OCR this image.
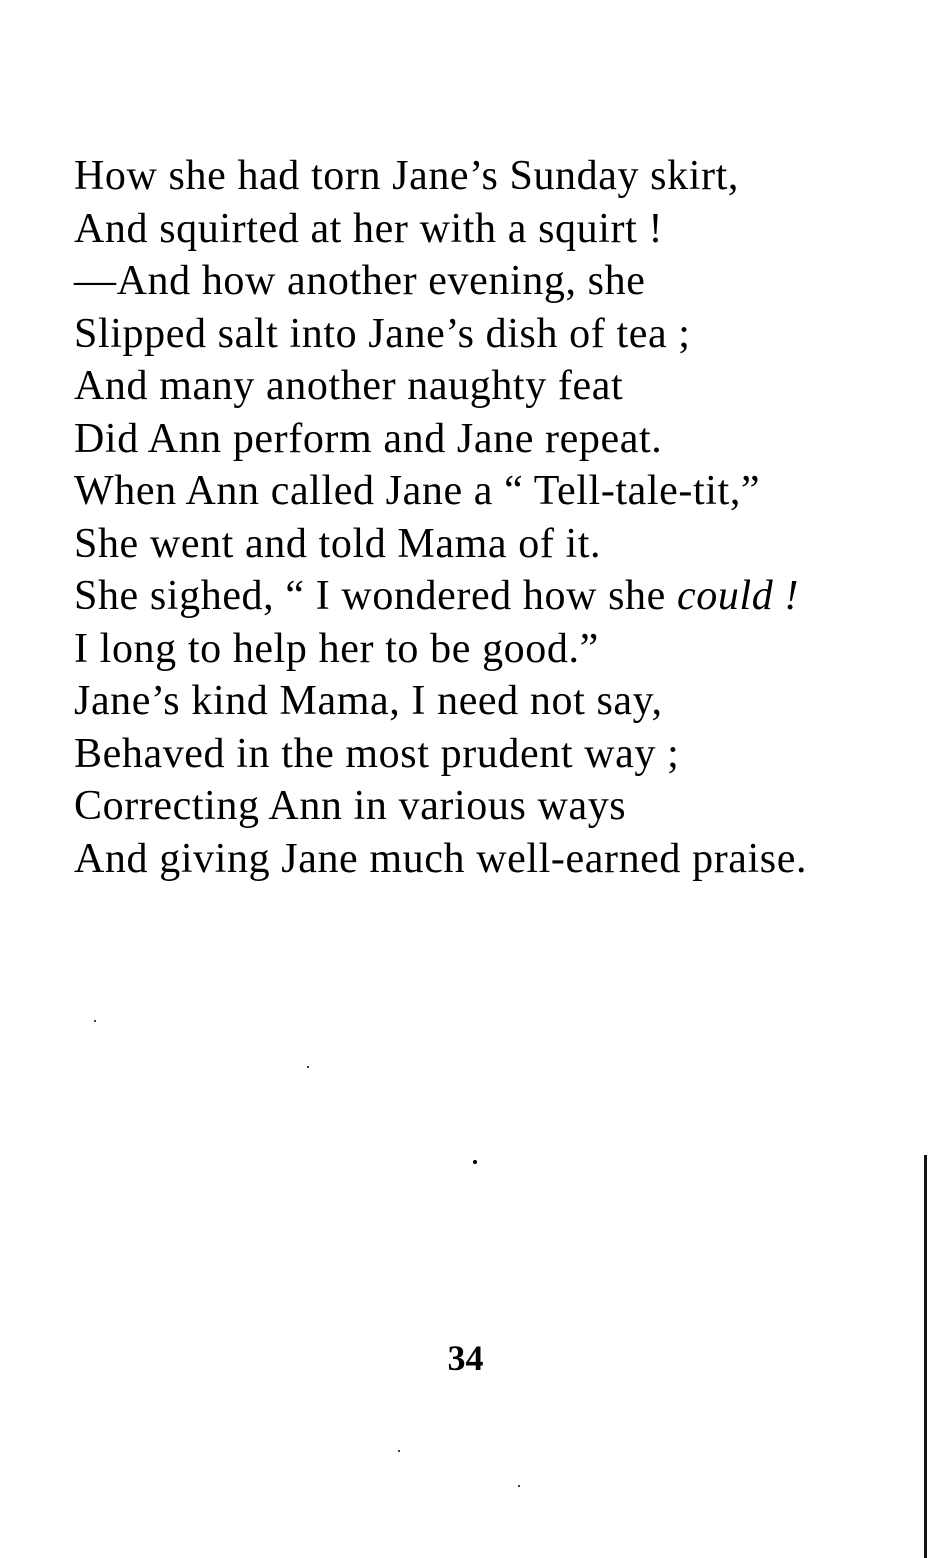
How she had torn Jane’s Sunday skirt,
And squirted at her with a squirt !
—And how another evening, she
Slipped salt into Jane’s dish of tea ;
And many another naughty feat
Did Ann perform and Jane repeat.
When Ann called Jane a “ Tell-tale-tit,”
She went and told Mama of it.
She sighed, “ I wondered how she could !
I long to help her to be good.”
Jane’s kind Mama, I need not say,
Behaved in the most prudent way ;
Correcting Ann in various ways
And giving Jane much well-earned praise.
34
